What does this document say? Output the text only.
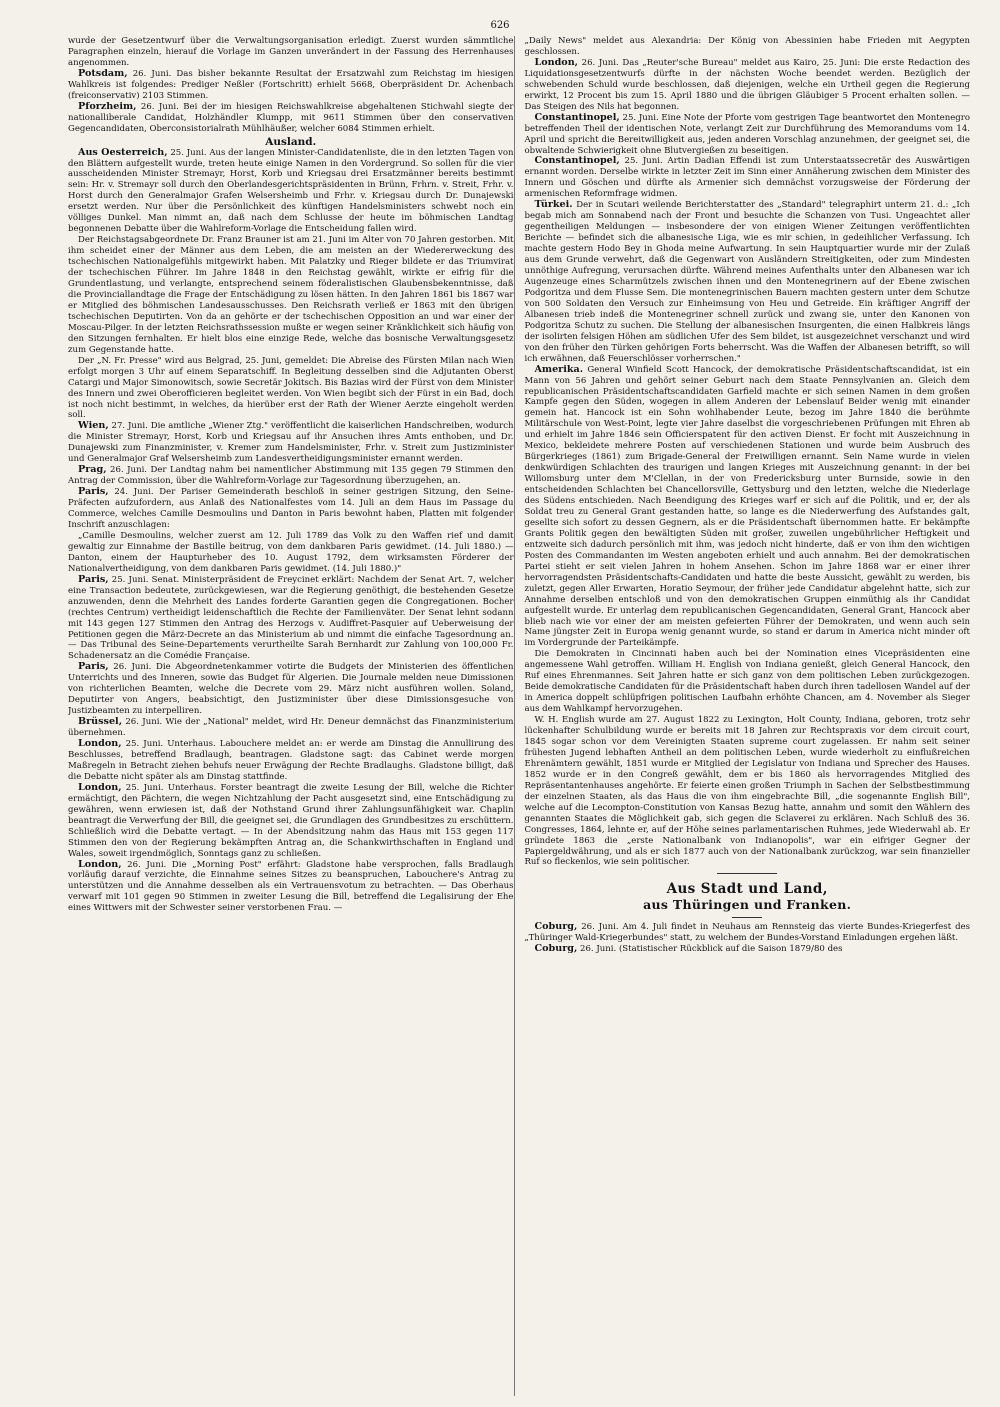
626

wurde der Gesetzentwurf über die Verwaltungsorganisation erledigt. Zuerst wurden sämmtliche Paragraphen einzeln, hierauf die Vorlage im Ganzen unverändert in der Fassung des Herrenhauses angenommen.

Potsdam, 26. Juni. Das bisher bekannte Resultat der Ersatzwahl zum Reichstag im hiesigen Wahlkreis ist folgendes: Prediger Neßler (Fortschritt) erhielt 5668, Oberpräsident Dr. Achenbach (freiconservativ) 2103 Stimmen.

Pforzheim, 26. Juni. Bei der im hiesigen Reichswahlkreise abgehaltenen Stichwahl siegte der nationalliberale Candidat, Holzhändler Klumpp, mit 9611 Stimmen über den conservativen Gegencandidaten, Oberconsistorialrath Mühlhäußer, welcher 6084 Stimmen erhielt.

Ausland.

Aus Oesterreich, 25. Juni. Aus der langen Minister-Candidatenliste, die in den letzten Tagen von den Blättern aufgestellt wurde, treten heute einige Namen in den Vordergrund. So sollen für die vier ausscheidenden Minister Stremayr, Horst, Korb und Kriegsau drei Ersatzmänner bereits bestimmt sein: Hr. v. Stremayr soll durch den Oberlandesgerichtspräsidenten in Brünn, Frhrn. v. Streit, Frhr. v. Horst durch den Generalmajor Grafen Welsersheimb und Frhr. v. Kriegsau durch Dr. Dunajewski ersetzt werden. Nur über die Persönlichkeit des künftigen Handelsministers schwebt noch ein völliges Dunkel. Man nimmt an, daß nach dem Schlusse der heute im böhmischen Landtag begonnenen Debatte über die Wahlreform-Vorlage die Entscheidung fallen wird.

Der Reichstagsabgeordnete Dr. Franz Brauner ist am 21. Juni im Alter von 70 Jahren gestorben. Mit ihm scheidet einer der Männer aus dem Leben, die am meisten an der Wiedererweckung des tschechischen Nationalgefühls mitgewirkt haben. Mit Palatzky und Rieger bildete er das Triumvirat der tschechischen Führer. Im Jahre 1848 in den Reichstag gewählt, wirkte er eifrig für die Grundentlastung, und verlangte, entsprechend seinem föderalistischen Glaubensbekenntnisse, daß die Provinciallandtage die Frage der Entschädigung zu lösen hätten. In den Jahren 1861 bis 1867 war er Mitglied des böhmischen Landesausschusses. Den Reichsrath verließ er 1863 mit den übrigen tschechischen Deputirten. Von da an gehörte er der tschechischen Opposition an und war einer der Moscau-Pilger. In der letzten Reichsrathssession mußte er wegen seiner Kränklichkeit sich häufig von den Sitzungen fernhalten. Er hielt blos eine einzige Rede, welche das bosnische Verwaltungsgesetz zum Gegenstande hatte.

Der „N. Fr. Presse" wird aus Belgrad, 25. Juni, gemeldet: Die Abreise des Fürsten Milan nach Wien erfolgt morgen 3 Uhr auf einem Separatschiff. In Begleitung desselben sind die Adjutanten Oberst Catargi und Major Simonowitsch, sowie Secretär Jokitsch. Bis Bazias wird der Fürst von dem Minister des Innern und zwei Oberofficieren begleitet werden. Von Wien begibt sich der Fürst in ein Bad, doch ist noch nicht bestimmt, in welches, da hierüber erst der Rath der Wiener Aerzte eingeholt werden soll.

Wien, 27. Juni. Die amtliche „Wiener Ztg." veröffentlicht die kaiserlichen Handschreiben, wodurch die Minister Stremayr, Horst, Korb und Kriegsau auf ihr Ansuchen ihres Amts enthoben, und Dr. Dunajewski zum Finanzminister, v. Kremer zum Handelsminister, Frhr. v. Streit zum Justizminister und Generalmajor Graf Welsersheimb zum Landesvertheidigungsminister ernannt werden.

Prag, 26. Juni. Der Landtag nahm bei namentlicher Abstimmung mit 135 gegen 79 Stimmen den Antrag der Commission, über die Wahlreform-Vorlage zur Tagesordnung überzugehen, an.

Paris, 24. Juni. Der Pariser Gemeinderath beschloß in seiner gestrigen Sitzung, den Seine-Präfecten aufzufordern, aus Anlaß des Nationalfestes vom 14. Juli an dem Haus im Passage du Commerce, welches Camille Desmoulins und Danton in Paris bewohnt haben, Platten mit folgender Inschrift anzuschlagen:

„Camille Desmoulins, welcher zuerst am 12. Juli 1789 das Volk zu den Waffen rief und damit gewaltig zur Einnahme der Bastille beitrug, von dem dankbaren Paris gewidmet. (14. Juli 1880.) — Danton, einem der Haupturheber des 10. August 1792, dem wirksamsten Förderer der Nationalvertheidigung, von dem dankbaren Paris gewidmet. (14. Juli 1880.)"

Paris, 25. Juni. Senat. Ministerpräsident de Freycinet erklärt: Nachdem der Senat Art. 7, welcher eine Transaction bedeutete, zurückgewiesen, war die Regierung genöthigt, die bestehenden Gesetze anzuwenden, denn die Mehrheit des Landes forderte Garantien gegen die Congregationen. Bocher (rechtes Centrum) vertheidigt leidenschaftlich die Rechte der Familienväter. Der Senat lehnt sodann mit 143 gegen 127 Stimmen den Antrag des Herzogs v. Audiffret-Pasquier auf Ueberweisung der Petitionen gegen die März-Decrete an das Ministerium ab und nimmt die einfache Tagesordnung an. — Das Tribunal des Seine-Departements verurtheilte Sarah Bernhardt zur Zahlung von 100,000 Fr. Schadenersatz an die Comédie Française.

Paris, 26. Juni. Die Abgeordnetenkammer votirte die Budgets der Ministerien des öffentlichen Unterrichts und des Inneren, sowie das Budget für Algerien. Die Journale melden neue Dimissionen von richterlichen Beamten, welche die Decrete vom 29. März nicht ausführen wollen. Soland, Deputirter von Angers, beabsichtigt, den Justizminister über diese Dimissionsgesuche von Justizbeamten zu interpelliren.

Brüssel, 26. Juni. Wie der „National" meldet, wird Hr. Deneur demnächst das Finanzministerium übernehmen.

London, 25. Juni. Unterhaus. Labouchere meldet an: er werde am Dinstag die Annullirung des Beschlusses, betreffend Bradlaugh, beantragen. Gladstone sagt: das Cabinet werde morgen Maßregeln in Betracht ziehen behufs neuer Erwägung der Rechte Bradlaughs. Gladstone billigt, daß die Debatte nicht später als am Dinstag stattfinde.

London, 25. Juni. Unterhaus. Forster beantragt die zweite Lesung der Bill, welche die Richter ermächtigt, den Pächtern, die wegen Nichtzahlung der Pacht ausgesetzt sind, eine Entschädigung zu gewähren, wenn erwiesen ist, daß der Nothstand Grund ihrer Zahlungsunfähigkeit war. Chaplin beantragt die Verwerfung der Bill, die geeignet sei, die Grundlagen des Grundbesitzes zu erschüttern. Schließlich wird die Debatte vertagt. — In der Abendsitzung nahm das Haus mit 153 gegen 117 Stimmen den von der Regierung bekämpften Antrag an, die Schankwirthschaften in England und Wales, soweit irgendmöglich, Sonntags ganz zu schließen.

London, 26. Juni. Die „Morning Post" erfährt: Gladstone habe versprochen, falls Bradlaugh vorläufig darauf verzichte, die Einnahme seines Sitzes zu beanspruchen, Labouchere's Antrag zu unterstützen und die Annahme desselben als ein Vertrauensvotum zu betrachten. — Das Oberhaus verwarf mit 101 gegen 90 Stimmen in zweiter Lesung die Bill, betreffend die Legalisirung der Ehe eines Wittwers mit der Schwester seiner verstorbenen Frau. —

„Daily News" meldet aus Alexandria: Der König von Abessinien habe Frieden mit Aegypten geschlossen.

London, 26. Juni. Das „Reuter'sche Bureau" meldet aus Kairo, 25. Juni: Die erste Redaction des Liquidationsgesetzentwurfs dürfte in der nächsten Woche beendet werden. Bezüglich der schwebenden Schuld wurde beschlossen, daß diejenigen, welche ein Urtheil gegen die Regierung erwirkt, 12 Procent bis zum 15. April 1880 und die übrigen Gläubiger 5 Procent erhalten sollen. — Das Steigen des Nils hat begonnen.

Constantinopel, 25. Juni. Eine Note der Pforte vom gestrigen Tage beantwortet den Montenegro betreffenden Theil der identischen Note, verlangt Zeit zur Durchführung des Memorandums vom 14. April und spricht die Bereitwilligkeit aus, jeden anderen Vorschlag anzunehmen, der geeignet sei, die obwaltende Schwierigkeit ohne Blutvergießen zu beseitigen.

Constantinopel, 25. Juni. Artin Dadian Effendi ist zum Unterstaatssecretär des Auswärtigen ernannt worden. Derselbe wirkte in letzter Zeit im Sinn einer Annäherung zwischen dem Minister des Innern und Göschen und dürfte als Armenier sich demnächst vorzugsweise der Förderung der armenischen Reformfrage widmen.

Türkei. Der in Scutari weilende Berichterstatter des „Standard" telegraphirt unterm 21. d.: „Ich begab mich am Sonnabend nach der Front und besuchte die Schanzen von Tusi. Ungeachtet aller gegentheiligen Meldungen — insbesondere der von einigen Wiener Zeitungen veröffentlichten Berichte — befindet sich die albanesische Liga, wie es mir schien, in gedeihlicher Verfassung. Ich machte gestern Hodo Bey in Ghoda meine Aufwartung. In sein Hauptquartier wurde mir der Zulaß aus dem Grunde verwehrt, daß die Gegenwart von Ausländern Streitigkeiten, oder zum Mindesten unnöthige Aufregung, verursachen dürfte. Während meines Aufenthalts unter den Albanesen war ich Augenzeuge eines Scharmützels zwischen ihnen und den Montenegrinern auf der Ebene zwischen Podgoritza und dem Flusse Sem. Die montenegrinischen Bauern machten gestern unter dem Schutze von 500 Soldaten den Versuch zur Einheimsung von Heu und Getreide. Ein kräftiger Angriff der Albanesen trieb indeß die Montenegriner schnell zurück und zwang sie, unter den Kanonen von Podgoritza Schutz zu suchen. Die Stellung der albanesischen Insurgenten, die einen Halbkreis längs der isolirten felsigen Höhen am südlichen Ufer des Sem bildet, ist ausgezeichnet verschanzt und wird von den früher den Türken gehörigen Forts beherrscht. Was die Waffen der Albanesen betrifft, so will ich erwähnen, daß Feuerschlösser vorherrschen."

Amerika. General Winfield Scott Hancock, der demokratische Präsidentschaftscandidat, ist ein Mann von 56 Jahren und gehört seiner Geburt nach dem Staate Pennsylvanien an. Gleich dem republicanischen Präsidentschaftscandidaten Garfield machte er sich seinen Namen in dem großen Kampfe gegen den Süden, wogegen in allem Anderen der Lebenslauf Beider wenig mit einander gemein hat. Hancock ist ein Sohn wohlhabender Leute, bezog im Jahre 1840 die berühmte Militärschule von West-Point, legte vier Jahre daselbst die vorgeschriebenen Prüfungen mit Ehren ab und erhielt im Jahre 1846 sein Officierspatent für den activen Dienst. Er focht mit Auszeichnung in Mexico, bekleidete mehrere Posten auf verschiedenen Stationen und wurde beim Ausbruch des Bürgerkrieges (1861) zum Brigade-General der Freiwilligen ernannt. Sein Name wurde in vielen denkwürdigen Schlachten des traurigen und langen Krieges mit Auszeichnung genannt: in der bei Willomsburg unter dem M'Clellan, in der von Fredericksburg unter Burnside, sowie in den entscheidenden Schlachten bei Chancellorsville, Gettysburg und den letzten, welche die Niederlage des Südens entschieden. Nach Beendigung des Krieges warf er sich auf die Politik, und er, der als Soldat treu zu General Grant gestanden hatte, so lange es die Niederwerfung des Aufstandes galt, gesellte sich sofort zu dessen Gegnern, als er die Präsidentschaft übernommen hatte. Er bekämpfte Grants Politik gegen den bewältigten Süden mit großer, zuweilen ungebührlicher Heftigkeit und entzweite sich dadurch persönlich mit ihm, was jedoch nicht hinderte, daß er von ihm den wichtigen Posten des Commandanten im Westen angeboten erhielt und auch annahm. Bei der demokratischen Partei stieht er seit vielen Jahren in hohem Ansehen. Schon im Jahre 1868 war er einer ihrer hervorragendsten Präsidentschafts-Candidaten und hatte die beste Aussicht, gewählt zu werden, bis zuletzt, gegen Aller Erwarten, Horatio Seymour, der früher jede Candidatur abgelehnt hatte, sich zur Annahme derselben entschloß und von den demokratischen Gruppen einmüthig als ihr Candidat aufgestellt wurde. Er unterlag dem republicanischen Gegencandidaten, General Grant, Hancock aber blieb nach wie vor einer der am meisten gefeierten Führer der Demokraten, und wenn auch sein Name jüngster Zeit in Europa wenig genannt wurde, so stand er darum in America nicht minder oft im Vordergrunde der Parteikämpfe.

Die Demokraten in Cincinnati haben auch bei der Nomination eines Vicepräsidenten eine angemessene Wahl getroffen. William H. English von Indiana genießt, gleich General Hancock, den Ruf eines Ehrenmannes. Seit Jahren hatte er sich ganz von dem politischen Leben zurückgezogen. Beide demokratische Candidaten für die Präsidentschaft haben durch ihren tadellosen Wandel auf der in America doppelt schlüpfrigen politischen Laufbahn erhöhte Chancen, am 4. November als Sieger aus dem Wahlkampf hervorzugehen.

W. H. English wurde am 27. August 1822 zu Lexington, Holt County, Indiana, geboren, trotz sehr lückenhafter Schulbildung wurde er bereits mit 18 Jahren zur Rechtspraxis vor dem circuit court, 1845 sogar schon vor dem Vereinigten Staaten supreme court zugelassen. Er nahm seit seiner frühesten Jugend lebhaften Antheil an dem politischen Leben, wurde wiederholt zu einflußreichen Ehrenämtern gewählt, 1851 wurde er Mitglied der Legislatur von Indiana und Sprecher des Hauses. 1852 wurde er in den Congreß gewählt, dem er bis 1860 als hervorragendes Mitglied des Repräsentantenhauses angehörte. Er feierte einen großen Triumph in Sachen der Selbstbestimmung der einzelnen Staaten, als das Haus die von ihm eingebrachte Bill, „die sogenannte English Bill", welche auf die Lecompton-Constitution von Kansas Bezug hatte, annahm und somit den Wählern des genannten Staates die Möglichkeit gab, sich gegen die Sclaverei zu erklären. Nach Schluß des 36. Congresses, 1864, lehnte er, auf der Höhe seines parlamentarischen Ruhmes, jede Wiederwahl ab. Er gründete 1863 die „erste Nationalbank von Indianopolis", war ein eifriger Gegner der Papiergeldwährung, und als er sich 1877 auch von der Nationalbank zurückzog, war sein finanzieller Ruf so fleckenlos, wie sein politischer.

Aus Stadt und Land,
aus Thüringen und Franken.

Coburg, 26. Juni. Am 4. Juli findet in Neuhaus am Rennsteig das vierte Bundes-Kriegerfest des „Thüringer Wald-Kriegerbundes" statt, zu welchem der Bundes-Vorstand Einladungen ergehen läßt.

Coburg, 26. Juni. (Statistischer Rückblick auf die Saison 1879/80 des
